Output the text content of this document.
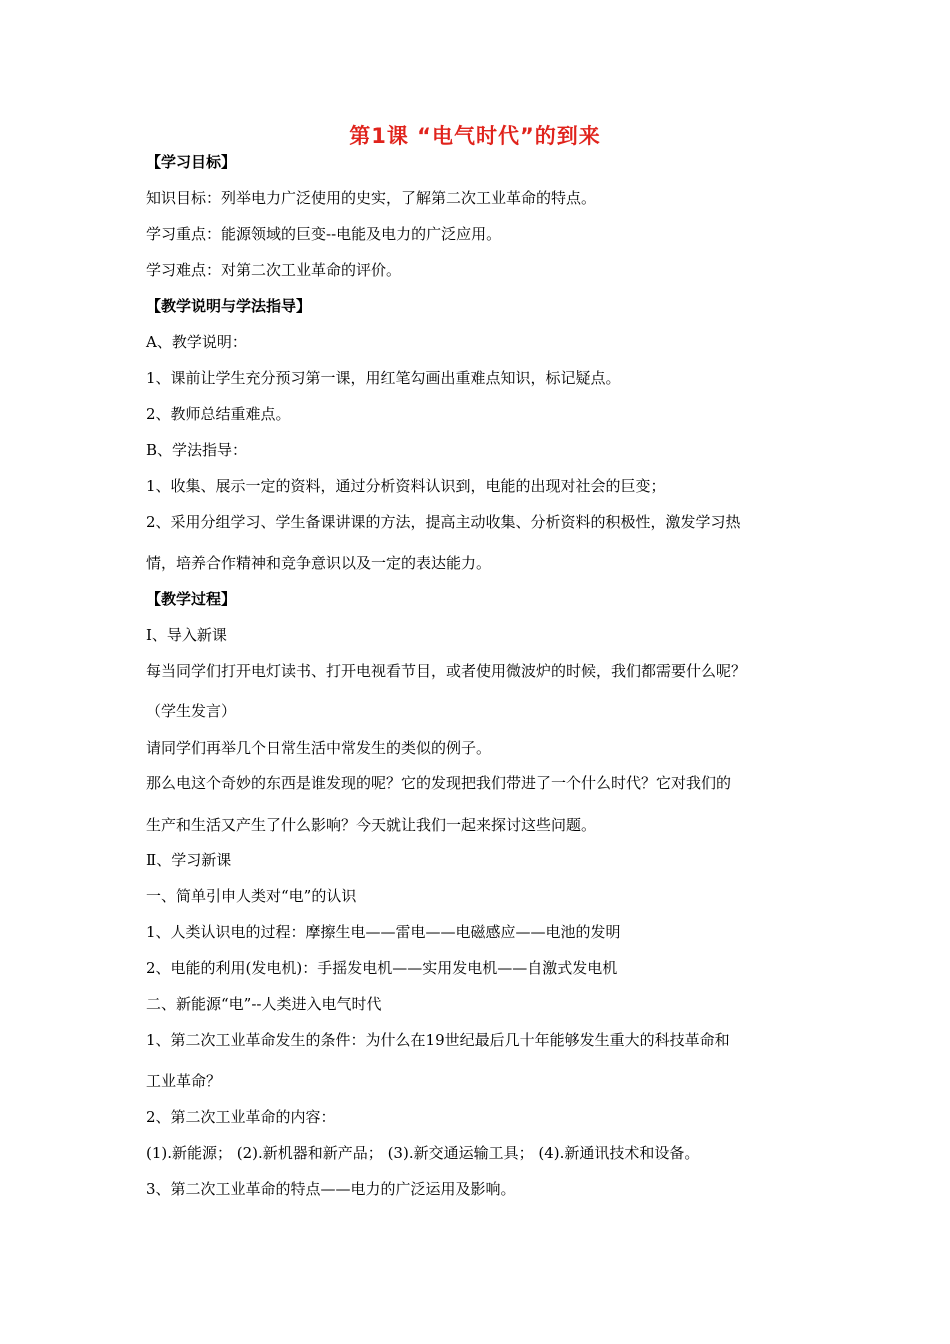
第1课 “电气时代”的到来
【学习目标】
知识目标：列举电力广泛使用的史实，了解第二次工业革命的特点。
学习重点：能源领域的巨变--电能及电力的广泛应用。
学习难点：对第二次工业革命的评价。
【教学说明与学法指导】
A、教学说明：
1、课前让学生充分预习第一课，用红笔勾画出重难点知识，标记疑点。
2、教师总结重难点。
B、学法指导：
1、收集、展示一定的资料，通过分析资料认识到，电能的出现对社会的巨变；
2、采用分组学习、学生备课讲课的方法，提高主动收集、分析资料的积极性，激发学习热
情，培养合作精神和竞争意识以及一定的表达能力。
【教学过程】
Ⅰ、导入新课
每当同学们打开电灯读书、打开电视看节目，或者使用微波炉的时候，我们都需要什么呢？
（学生发言）
请同学们再举几个日常生活中常发生的类似的例子。
那么电这个奇妙的东西是谁发现的呢？它的发现把我们带进了一个什么时代？它对我们的
生产和生活又产生了什么影响？今天就让我们一起来探讨这些问题。
Ⅱ、学习新课
一、简单引申人类对“电”的认识
1、人类认识电的过程：摩擦生电——雷电——电磁感应——电池的发明
2、电能的利用(发电机)：手摇发电机——实用发电机——自激式发电机
二、新能源“电”--人类进入电气时代
1、第二次工业革命发生的条件：为什么在19世纪最后几十年能够发生重大的科技革命和
工业革命？
2、第二次工业革命的内容：
(1).新能源； (2).新机器和新产品； (3).新交通运输工具； (4).新通讯技术和设备。
3、第二次工业革命的特点——电力的广泛运用及影响。
